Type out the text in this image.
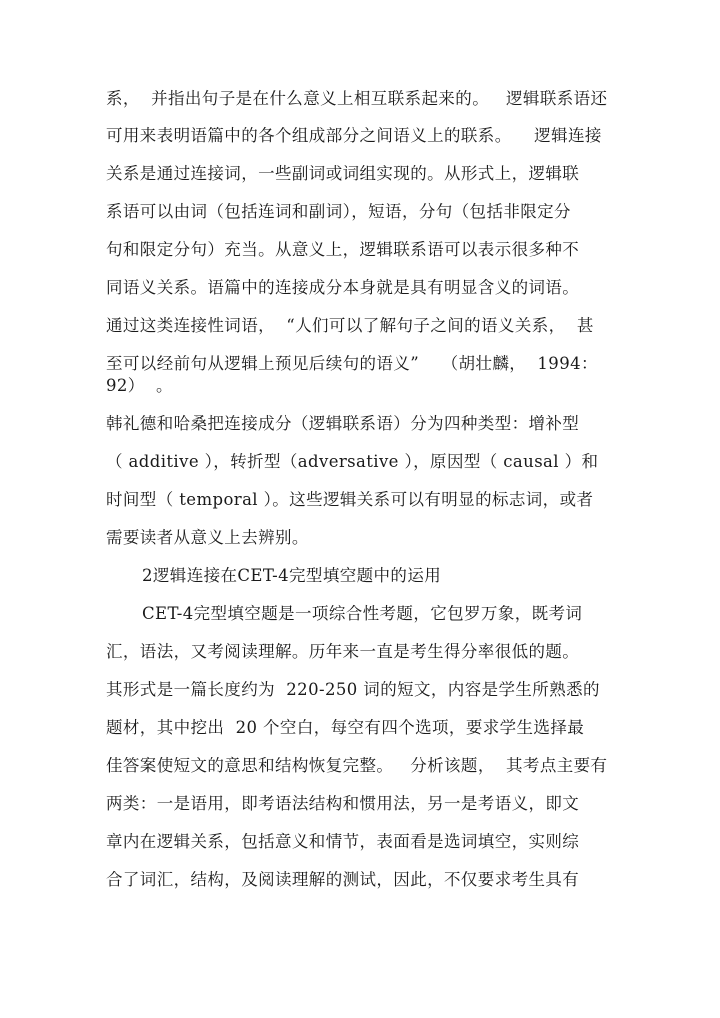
系，  并指出句子是在什么意义上相互联系起来的。   逻辑联系语还
可用来表明语篇中的各个组成部分之间语义上的联系。    逻辑连接
关系是通过连接词，一些副词或词组实现的。从形式上，逻辑联
系语可以由词（包括连词和副词），短语，分句（包括非限定分
句和限定分句）充当。从意义上，逻辑联系语可以表示很多种不
同语义关系。语篇中的连接成分本身就是具有明显含义的词语。
通过这类连接性词语，  “人们可以了解句子之间的语义关系，  甚
至可以经前句从逻辑上预见后续句的语义”    （胡壮麟，  1994：
92）  。
韩礼德和哈桑把连接成分（逻辑联系语）分为四种类型：增补型
（ additive ），转折型（adversative ），原因型（ causal ）和
时间型（ temporal ）。这些逻辑关系可以有明显的标志词，或者
需要读者从意义上去辨别。
2逻辑连接在CET-4完型填空题中的运用
CET-4完型填空题是一项综合性考题，它包罗万象，既考词
汇，语法，又考阅读理解。历年来一直是考生得分率很低的题。
其形式是一篇长度约为  220-250 词的短文，内容是学生所熟悉的
题材，其中挖出  20 个空白，每空有四个选项，要求学生选择最
佳答案使短文的意思和结构恢复完整。   分析该题，  其考点主要有
两类：一是语用，即考语法结构和惯用法，另一是考语义，即文
章内在逻辑关系，包括意义和情节，表面看是选词填空，实则综
合了词汇，结构，及阅读理解的测试，因此，不仅要求考生具有
